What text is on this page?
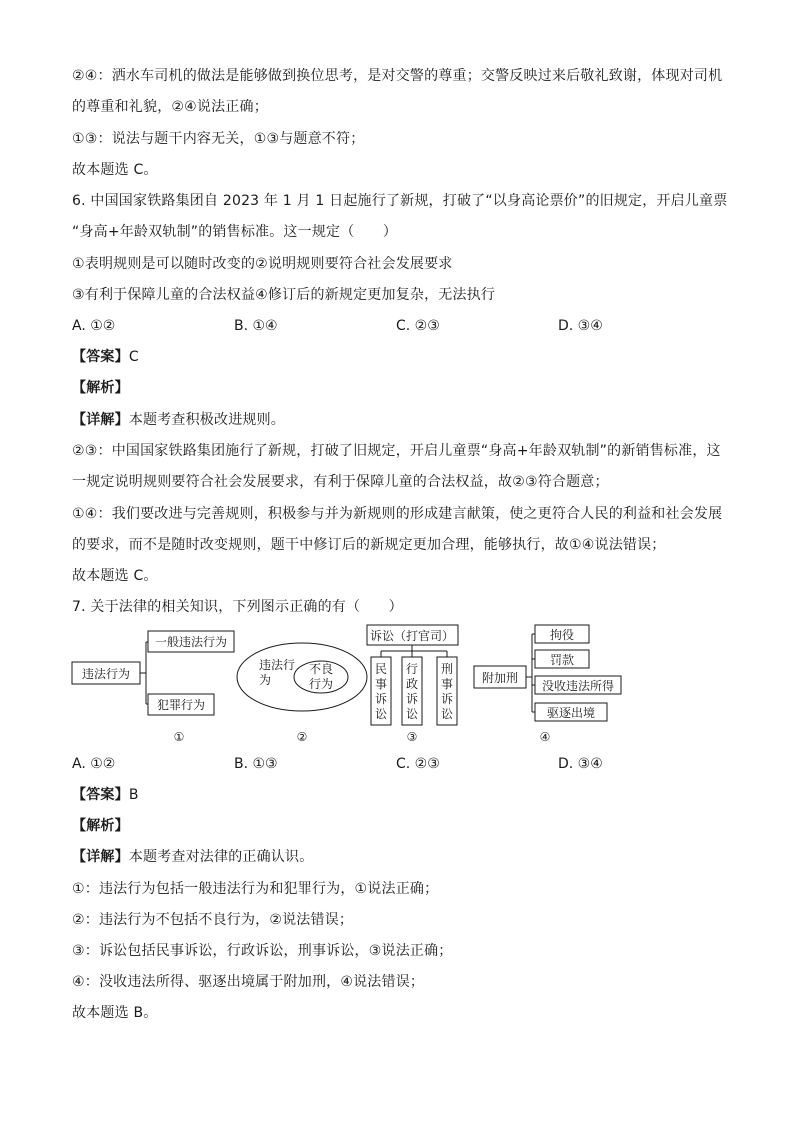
②④：洒水车司机的做法是能够做到换位思考，是对交警的尊重；交警反映过来后敬礼致谢，体现对司机
的尊重和礼貌，②④说法正确；
①③：说法与题干内容无关，①③与题意不符；
故本题选 C。
6. 中国国家铁路集团自 2023 年 1 月 1 日起施行了新规，打破了“以身高论票价”的旧规定，开启儿童票
“身高+年龄双轨制”的销售标准。这一规定（　　）
①表明规则是可以随时改变的②说明规则要符合社会发展要求
③有利于保障儿童的合法权益④修订后的新规定更加复杂，无法执行
A. ①②	B. ①④	C. ②③	D. ③④
【答案】C
【解析】
【详解】本题考查积极改进规则。
②③：中国国家铁路集团施行了新规，打破了旧规定，开启儿童票“身高+年龄双轨制”的新销售标准，这
一规定说明规则要符合社会发展要求，有利于保障儿童的合法权益，故②③符合题意；
①④：我们要改进与完善规则，积极参与并为新规则的形成建言献策，使之更符合人民的利益和社会发展
的要求，而不是随时改变规则，题干中修订后的新规定更加合理，能够执行，故①④说法错误；
故本题选 C。
7. 关于法律的相关知识，下列图示正确的有（　　）
违法行为
一般违法行为
犯罪行为
①
违法行
为
不良
行为
②
诉讼（打官司）
民
事
诉
讼
行
政
诉
讼
刑
事
诉
讼
③
附加刑
拘役
罚款
没收违法所得
驱逐出境
④
A. ①②	B. ①③	C. ②③	D. ③④
【答案】B
【解析】
【详解】本题考查对法律的正确认识。
①：违法行为包括一般违法行为和犯罪行为，①说法正确；
②：违法行为不包括不良行为，②说法错误；
③：诉讼包括民事诉讼，行政诉讼，刑事诉讼，③说法正确；
④：没收违法所得、驱逐出境属于附加刑，④说法错误；
故本题选 B。
